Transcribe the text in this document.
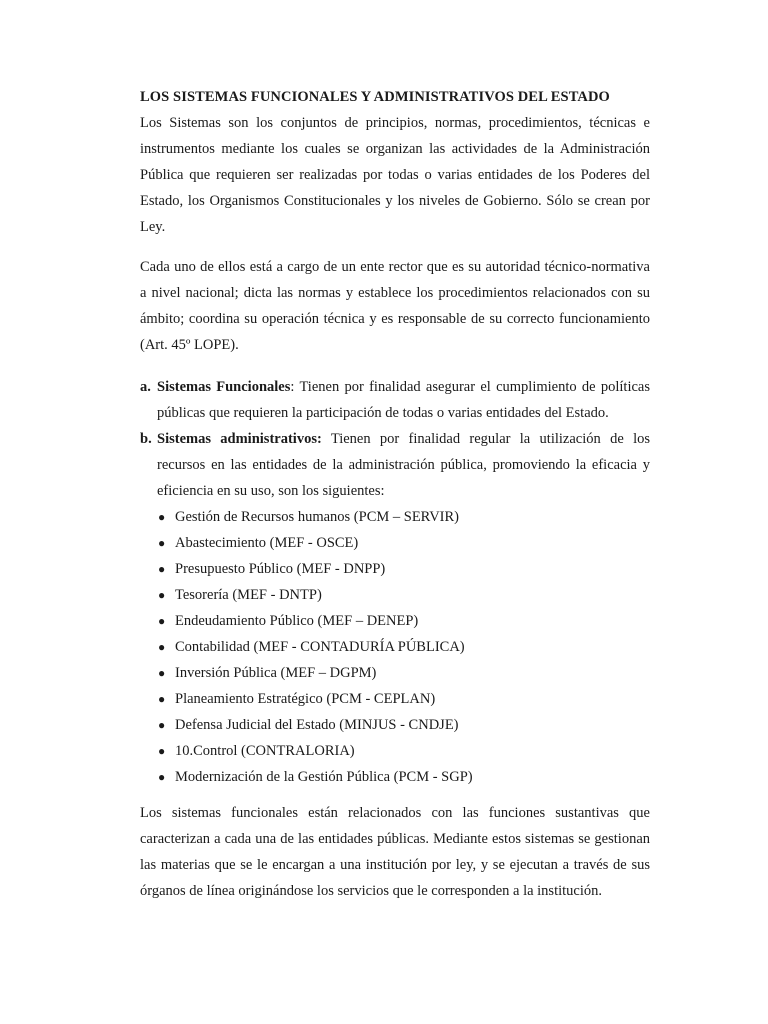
LOS SISTEMAS FUNCIONALES Y ADMINISTRATIVOS DEL ESTADO

Los Sistemas son los conjuntos de principios, normas, procedimientos, técnicas e instrumentos mediante los cuales se organizan las actividades de la Administración Pública que requieren ser realizadas por todas o varias entidades de los Poderes del Estado, los Organismos Constitucionales y los niveles de Gobierno. Sólo se crean por Ley.

Cada uno de ellos está a cargo de un ente rector que es su autoridad técnico-normativa a nivel nacional; dicta las normas y establece los procedimientos relacionados con su ámbito; coordina su operación técnica y es responsable de su correcto funcionamiento (Art. 45º LOPE).

a. Sistemas Funcionales: Tienen por finalidad asegurar el cumplimiento de políticas públicas que requieren la participación de todas o varias entidades del Estado.
b. Sistemas administrativos: Tienen por finalidad regular la utilización de los recursos en las entidades de la administración pública, promoviendo la eficacia y eficiencia en su uso, son los siguientes:
● Gestión de Recursos humanos (PCM – SERVIR)
● Abastecimiento (MEF - OSCE)
● Presupuesto Público (MEF - DNPP)
● Tesorería (MEF - DNTP)
● Endeudamiento Público (MEF – DENEP)
● Contabilidad (MEF - CONTADURÍA PÚBLICA)
● Inversión Pública (MEF – DGPM)
● Planeamiento Estratégico (PCM - CEPLAN)
● Defensa Judicial del Estado (MINJUS - CNDJE)
● 10.Control (CONTRALORIA)
● Modernización de la Gestión Pública (PCM - SGP)

Los sistemas funcionales están relacionados con las funciones sustantivas que caracterizan a cada una de las entidades públicas. Mediante estos sistemas se gestionan las materias que se le encargan a una institución por ley, y se ejecutan a través de sus órganos de línea originándose los servicios que le corresponden a la institución.
